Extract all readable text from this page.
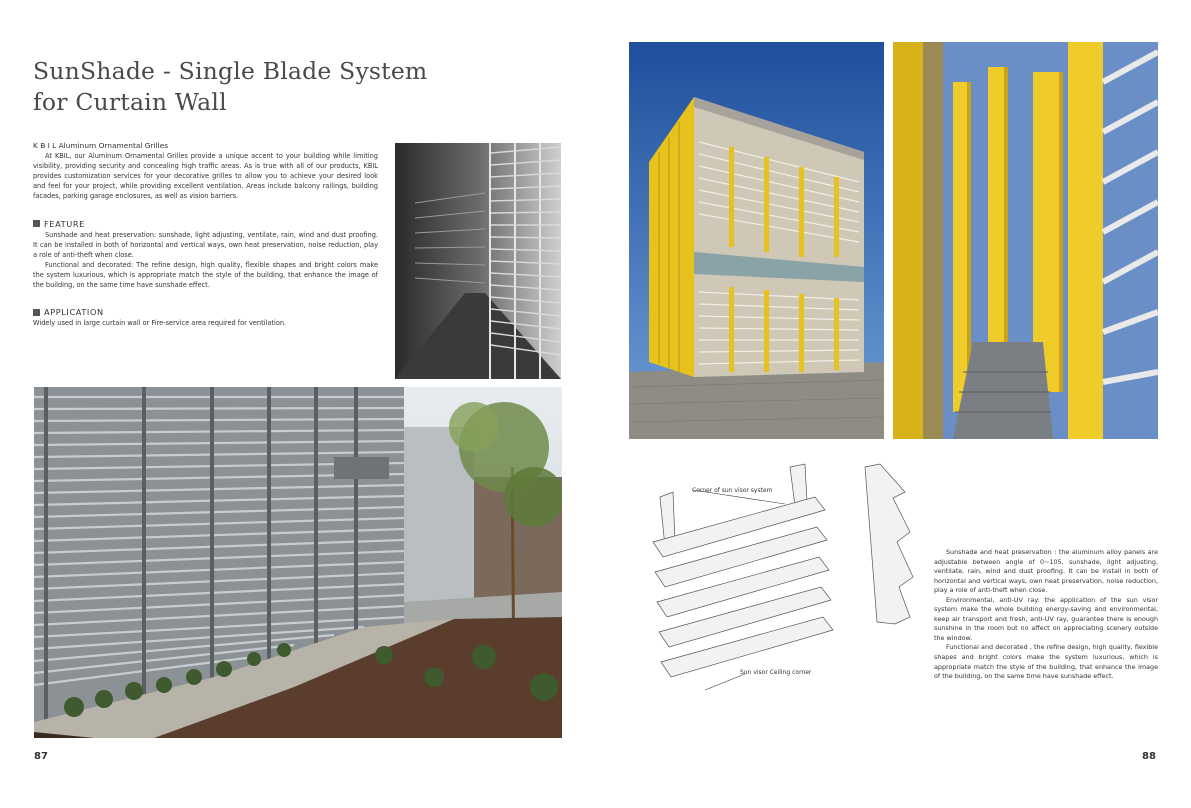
SunShade - Single Blade System
for Curtain Wall

K B I L Aluminum Ornamental Grilles

At KBIL, our Aluminum Ornamental Grilles provide a unique accent to your building while limiting visibility, providing security and concealing high traffic areas. As is true with all of our products, KBIL provides customization services for your decorative grilles to allow you to achieve your desired look and feel for your project, while providing excellent ventilation. Areas include balcony railings, building facades, parking garage enclosures, as well as vision barriers.

FEATURE

Sunshade and heat preservation: sunshade, light adjusting, ventilate, rain, wind and dust proofing. It can be installed in both of horizontal and vertical ways, own heat preservation, noise reduction, play a role of anti-theft when close.

Functional and decorated: The refine design, high quality, flexible shapes and bright colors make the system luxurious, which is appropriate match the style of the building, that enhance the image of the building, on the same time have sunshade effect.

APPLICATION

Widely used in large curtain wall or Fire-service area required for ventilation.

87
Corner of sun visor system
Sun visor Ceiling corner

Sunshade and heat preservation : the aluminum alloy panels are adjustable between angle of 0~105, sunshade, light adjusting, ventilate, rain, wind and dust proofing. It can be install in both of horizontal and vertical ways, own heat preservation, noise reduction, play a role of anti-theft when close.

Environmental, anti-UV ray: the application of the sun visor system make the whole building energy-saving and environmental, keep air transport and fresh, anti-UV ray, guarantee there is enough sunshine in the room but no affect on appreciating scenery outside the window.

Functional and decorated , the refine design, high quality, flexible shapes and bright colors make the system luxurious, which is appropriate match the style of the building, that enhance the image of the building, on the same time have sunshade effect.

88
